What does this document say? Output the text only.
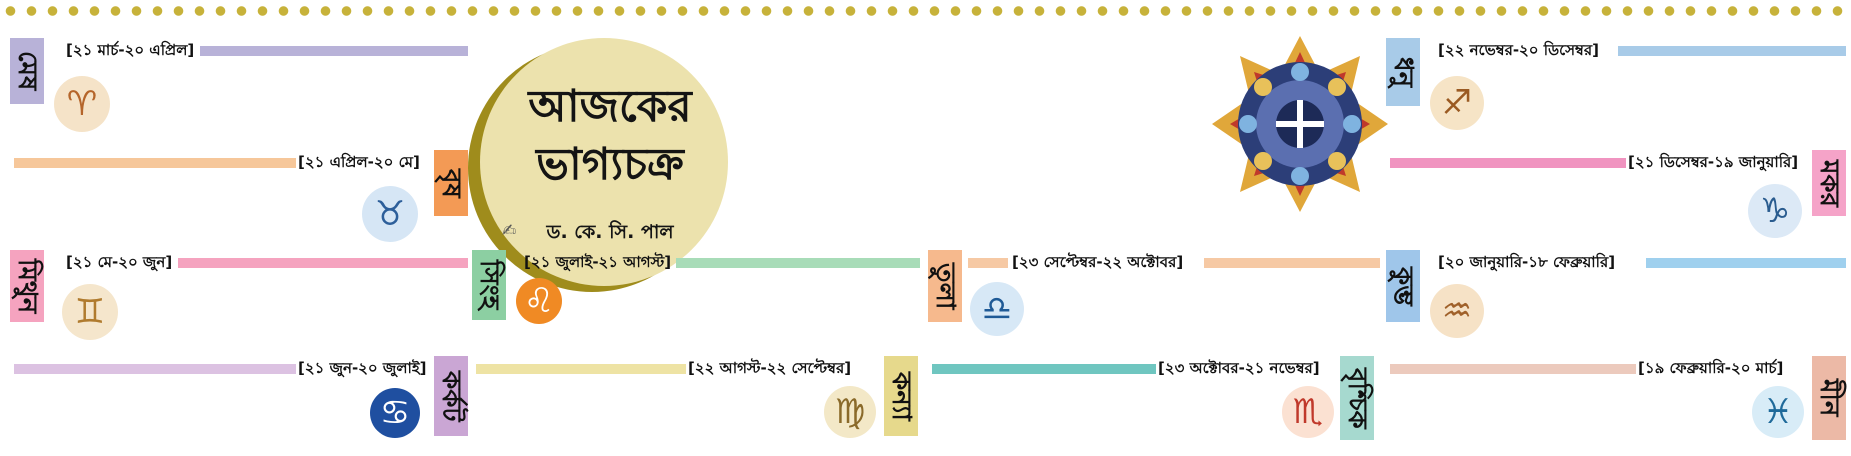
মেষ
[ ২১ মার্চ-২০ এপ্রিল ]
♈
[ ২১ এপ্রিল-২০ মে ]
বৃষ
♉
মিথুন	[ ২১ মে-২০ জুন ]
♊
[ ২১ জুন-২০ জুলাই ]
কর্কট
♋
আজকের
ভাগ্যচক্র
✍	ড. কে. সি. পাল
সিংহ	[ ২১ জুলাই-২১ আগস্ট ]
♌
[ ২২ আগস্ট-২২ সেপ্টেম্বর ]
কন্যা
♍
তুলা
[ ২৩ সেপ্টেম্বর-২২ অক্টোবর ]
♎
[ ২৩ অক্টোবর-২১ নভেম্বর ]	বৃশ্চিক
♏
ধনু
[ ২২ নভেম্বর-২০ ডিসেম্বর ]
♐
[ ২১ ডিসেম্বর-১৯ জানুয়ারি ] মকর
♑
কুম্ভ
[ ২০ জানুয়ারি-১৮ ফেব্রুয়ারি ]
♒
[ ১৯ ফেব্রুয়ারি-২০ মার্চ ]
মীন
♓
